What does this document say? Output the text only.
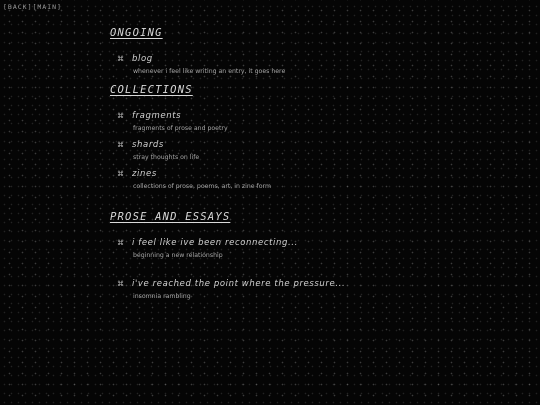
[BACK][MAIN]
ONGOING
⌘ blog
whenever i feel like writing an entry, it goes here
COLLECTIONS
⌘ fragments
fragments of prose and poetry
⌘ shards
stray thoughts on life
⌘ zines
collections of prose, poems, art, in zine form
PROSE AND ESSAYS
⌘ i feel like ive been reconnecting...
beginning a new relationship
⌘ i've reached the point where the pressure...
insomnia rambling
